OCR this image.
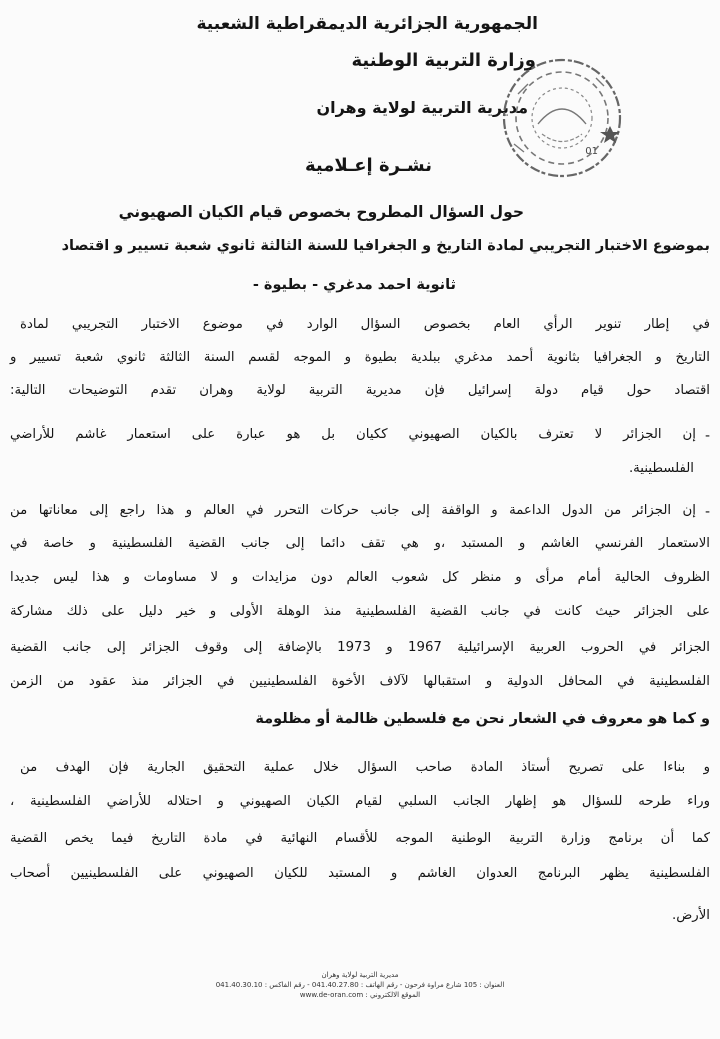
الجمهورية الجزائرية الديمقراطية الشعبية
وزارة التربية الوطنية
مديرية التربية لولاية وهران
01
نشـرة إعـلامية
حول السؤال المطروح بخصوص قيام الكيان الصهيوني
بموضوع الاختبار التجريبي لمادة التاريخ و الجغرافيا للسنة الثالثة ثانوي شعبة تسيير و اقتصاد
ثانوية احمد مدغري - بطيوة -
في إطار تنوير الرأي العام بخصوص السؤال الوارد في موضوع الاختبار التجريبي لمادة
التاريخ و الجغرافيا بثانوية أحمد مدغري ببلدية بطيوة و الموجه لقسم السنة الثالثة ثانوي شعبة تسيير و
اقتصاد حول قيام دولة إسرائيل فإن مديرية التربية لولاية وهران تقدم التوضيحات التالية:
-
إن الجزائر لا تعترف بالكيان الصهيوني ككيان بل هو عبارة على استعمار غاشم للأراضي
الفلسطينية.
-
إن الجزائر من الدول الداعمة و الواقفة إلى جانب حركات التحرر في العالم و هذا راجع إلى معاناتها من
الاستعمار الفرنسي الغاشم و المستبد ،و هي تقف دائما إلى جانب القضية الفلسطينية و خاصة في
الظروف الحالية أمام مرأى و منظر كل شعوب العالم دون مزايدات و لا مساومات و هذا ليس جديدا
على الجزائر حيث كانت في جانب القضية الفلسطينية منذ الوهلة الأولى و خير دليل على ذلك مشاركة
الجزائر في الحروب العربية الإسرائيلية 1967 و 1973 بالإضافة إلى وقوف الجزائر إلى جانب القضية
الفلسطينية في المحافل الدولية و استقبالها لآلاف الأخوة الفلسطينيين في الجزائر منذ عقود من الزمن
و كما هو معروف في الشعار نحن مع فلسطين ظالمة أو مظلومة
و بناءا على تصريح أستاذ المادة صاحب السؤال خلال عملية التحقيق الجارية فإن الهدف من
وراء طرحه للسؤال هو إظهار الجانب السلبي لقيام الكيان الصهيوني و احتلاله للأراضي الفلسطينية ،
كما أن برنامج وزارة التربية الوطنية الموجه للأقسام النهائية في مادة التاريخ فيما يخص القضية
الفلسطينية يظهر البرنامج العدوان الغاشم و المستبد للكيان الصهيوني على الفلسطينيين أصحاب
الأرض.
مديرية التربية لولاية وهران
العنوان : 105 شارع مراوة فرحون - رقم الهاتف : 041.40.27.80 - رقم الفاكس : 041.40.30.10
الموقع الالكتروني : www.de-oran.com
